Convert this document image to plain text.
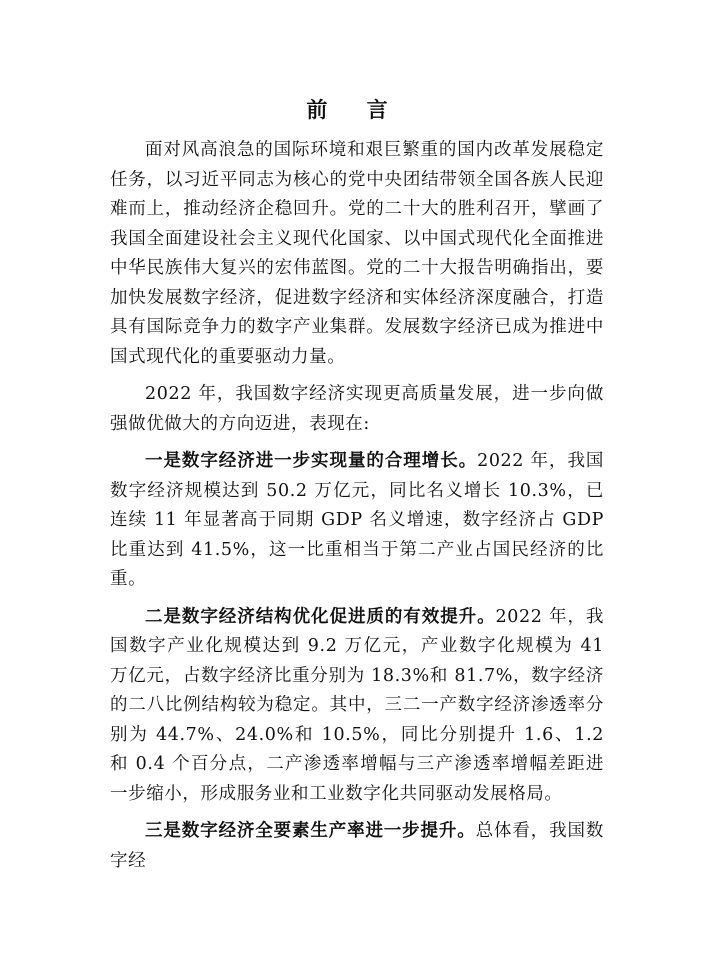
前 言

面对风高浪急的国际环境和艰巨繁重的国内改革发展稳定任务，以习近平同志为核心的党中央团结带领全国各族人民迎难而上，推动经济企稳回升。党的二十大的胜利召开，擘画了我国全面建设社会主义现代化国家、以中国式现代化全面推进中华民族伟大复兴的宏伟蓝图。党的二十大报告明确指出，要加快发展数字经济，促进数字经济和实体经济深度融合，打造具有国际竞争力的数字产业集群。发展数字经济已成为推进中国式现代化的重要驱动力量。

2022 年，我国数字经济实现更高质量发展，进一步向做强做优做大的方向迈进，表现在:

一是数字经济进一步实现量的合理增长。2022 年，我国数字经济规模达到 50.2 万亿元，同比名义增长 10.3%，已连续 11 年显著高于同期 GDP 名义增速，数字经济占 GDP 比重达到 41.5%，这一比重相当于第二产业占国民经济的比重。

二是数字经济结构优化促进质的有效提升。2022 年，我国数字产业化规模达到 9.2 万亿元，产业数字化规模为 41 万亿元，占数字经济比重分别为 18.3%和 81.7%，数字经济的二八比例结构较为稳定。其中，三二一产数字经济渗透率分别为 44.7%、24.0%和 10.5%，同比分别提升 1.6、1.2 和 0.4 个百分点，二产渗透率增幅与三产渗透率增幅差距进一步缩小，形成服务业和工业数字化共同驱动发展格局。

三是数字经济全要素生产率进一步提升。总体看，我国数字经
